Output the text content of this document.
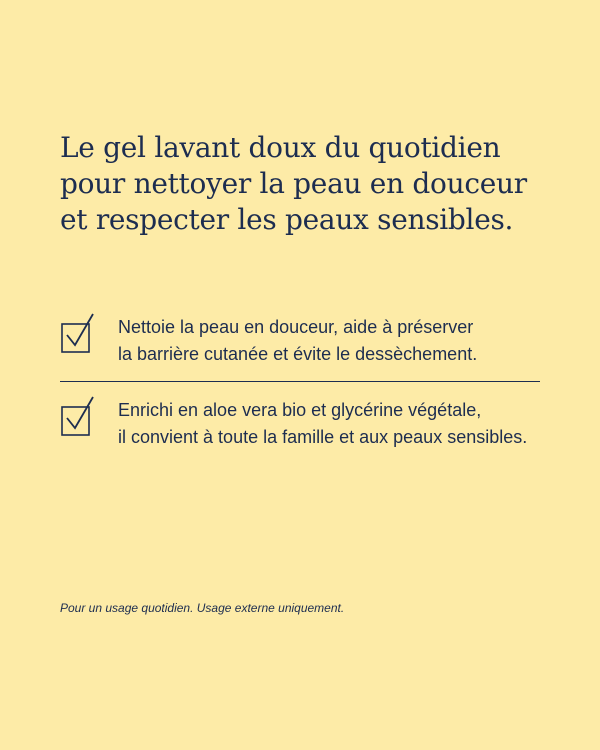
Le gel lavant doux du quotidien
pour nettoyer la peau en douceur
et respecter les peaux sensibles.
Nettoie la peau en douceur, aide à préserver
la barrière cutanée et évite le dessèchement.
Enrichi en aloe vera bio et glycérine végétale,
il convient à toute la famille et aux peaux sensibles.

Pour un usage quotidien. Usage externe uniquement.
